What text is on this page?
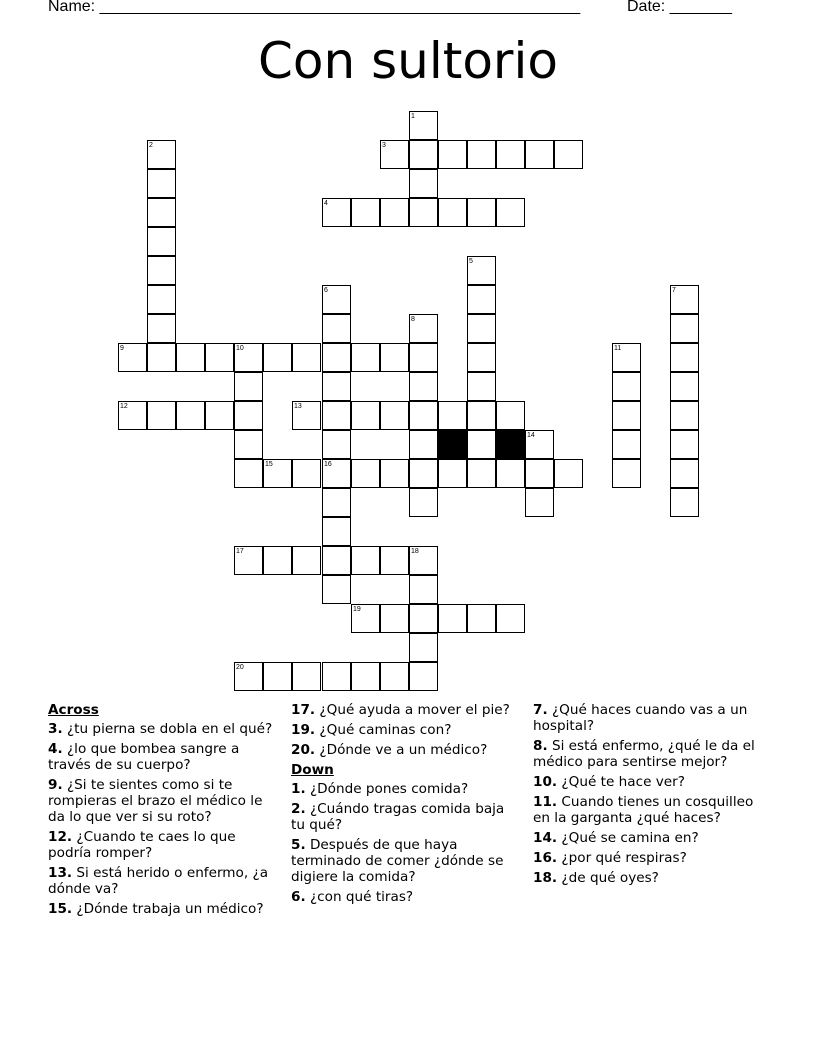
Name: ______________________________________________________	Date: _______
Con sultorio
1
2	3
4
5
6	7
8
9	10	11
12	13
14
15	16
17	18
19
20
Across
3. ¿tu pierna se dobla en el qué?
4. ¿lo que bombea sangre a través de su cuerpo?
9. ¿Si te sientes como si te rompieras el brazo el médico le da lo que ver si su roto?
12. ¿Cuando te caes lo que podría romper?
13. Si está herido o enfermo, ¿a dónde va?
15. ¿Dónde trabaja un médico?
17. ¿Qué ayuda a mover el pie?
19. ¿Qué caminas con?
20. ¿Dónde ve a un médico?
Down
1. ¿Dónde pones comida?
2. ¿Cuándo tragas comida baja tu qué?
5. Después de que haya terminado de comer ¿dónde se digiere la comida?
6. ¿con qué tiras?
7. ¿Qué haces cuando vas a un hospital?
8. Si está enfermo, ¿qué le da el médico para sentirse mejor?
10. ¿Qué te hace ver?
11. Cuando tienes un cosquilleo en la garganta ¿qué haces?
14. ¿Qué se camina en?
16. ¿por qué respiras?
18. ¿de qué oyes?
